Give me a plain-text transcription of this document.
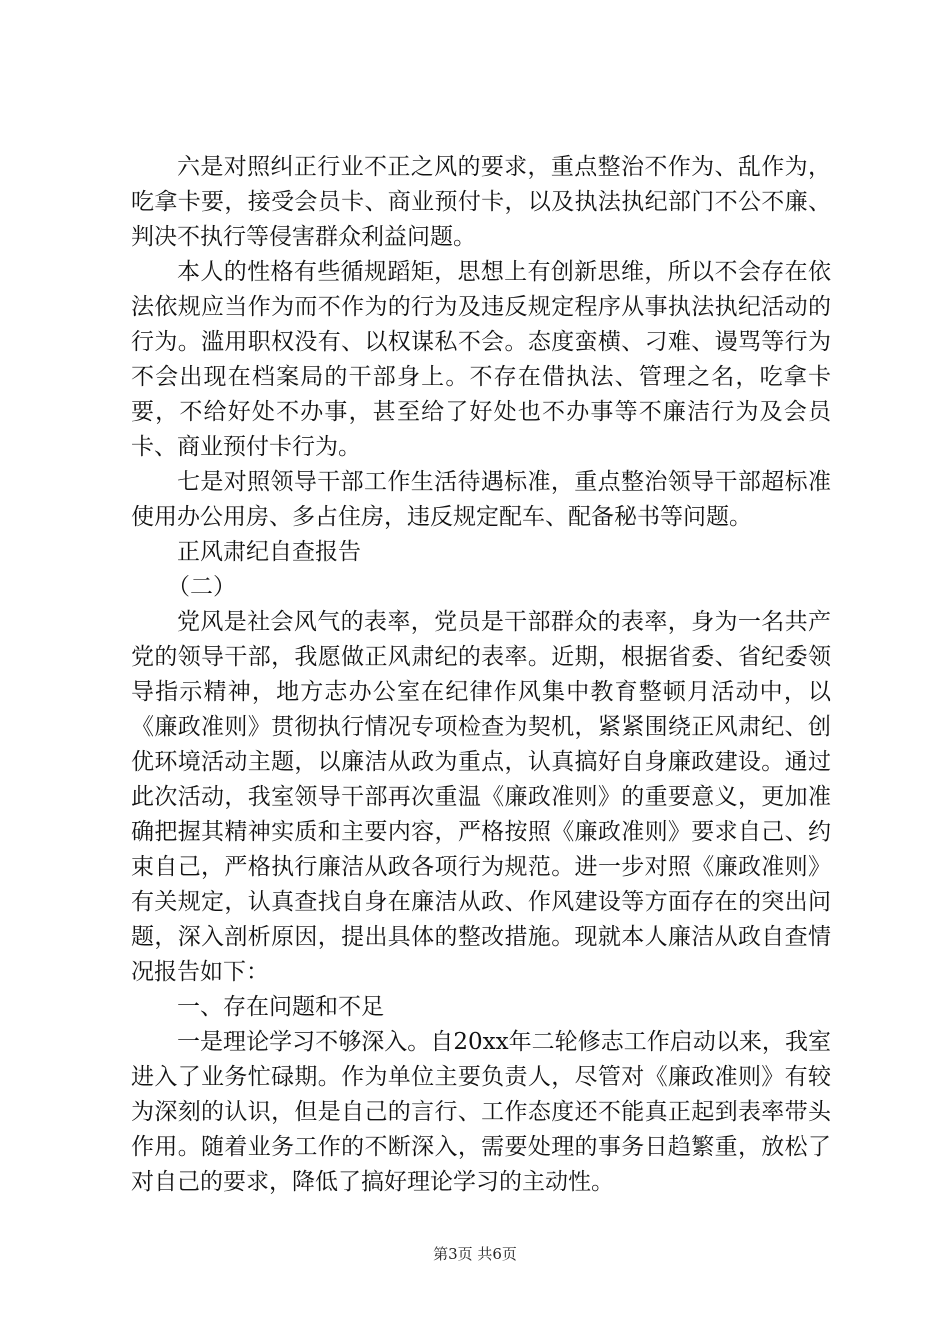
六是对照纠正行业不正之风的要求，重点整治不作为、乱作为，吃拿卡要，接受会员卡、商业预付卡，以及执法执纪部门不公不廉、判决不执行等侵害群众利益问题。

本人的性格有些循规蹈矩，思想上有创新思维，所以不会存在依法依规应当作为而不作为的行为及违反规定程序从事执法执纪活动的行为。滥用职权没有、以权谋私不会。态度蛮横、刁难、谩骂等行为不会出现在档案局的干部身上。不存在借执法、管理之名，吃拿卡要，不给好处不办事，甚至给了好处也不办事等不廉洁行为及会员卡、商业预付卡行为。

七是对照领导干部工作生活待遇标准，重点整治领导干部超标准使用办公用房、多占住房，违反规定配车、配备秘书等问题。

正风肃纪自查报告

（二）

党风是社会风气的表率，党员是干部群众的表率，身为一名共产党的领导干部，我愿做正风肃纪的表率。近期，根据省委、省纪委领导指示精神，地方志办公室在纪律作风集中教育整顿月活动中，以《廉政准则》贯彻执行情况专项检查为契机，紧紧围绕正风肃纪、创优环境活动主题，以廉洁从政为重点，认真搞好自身廉政建设。通过此次活动，我室领导干部再次重温《廉政准则》的重要意义，更加准确把握其精神实质和主要内容，严格按照《廉政准则》要求自己、约束自己，严格执行廉洁从政各项行为规范。进一步对照《廉政准则》有关规定，认真查找自身在廉洁从政、作风建设等方面存在的突出问题，深入剖析原因，提出具体的整改措施。现就本人廉洁从政自查情况报告如下：

一、存在问题和不足

一是理论学习不够深入。自20xx年二轮修志工作启动以来，我室进入了业务忙碌期。作为单位主要负责人，尽管对《廉政准则》有较为深刻的认识，但是自己的言行、工作态度还不能真正起到表率带头作用。随着业务工作的不断深入，需要处理的事务日趋繁重，放松了对自己的要求，降低了搞好理论学习的主动性。

第3页 共6页
